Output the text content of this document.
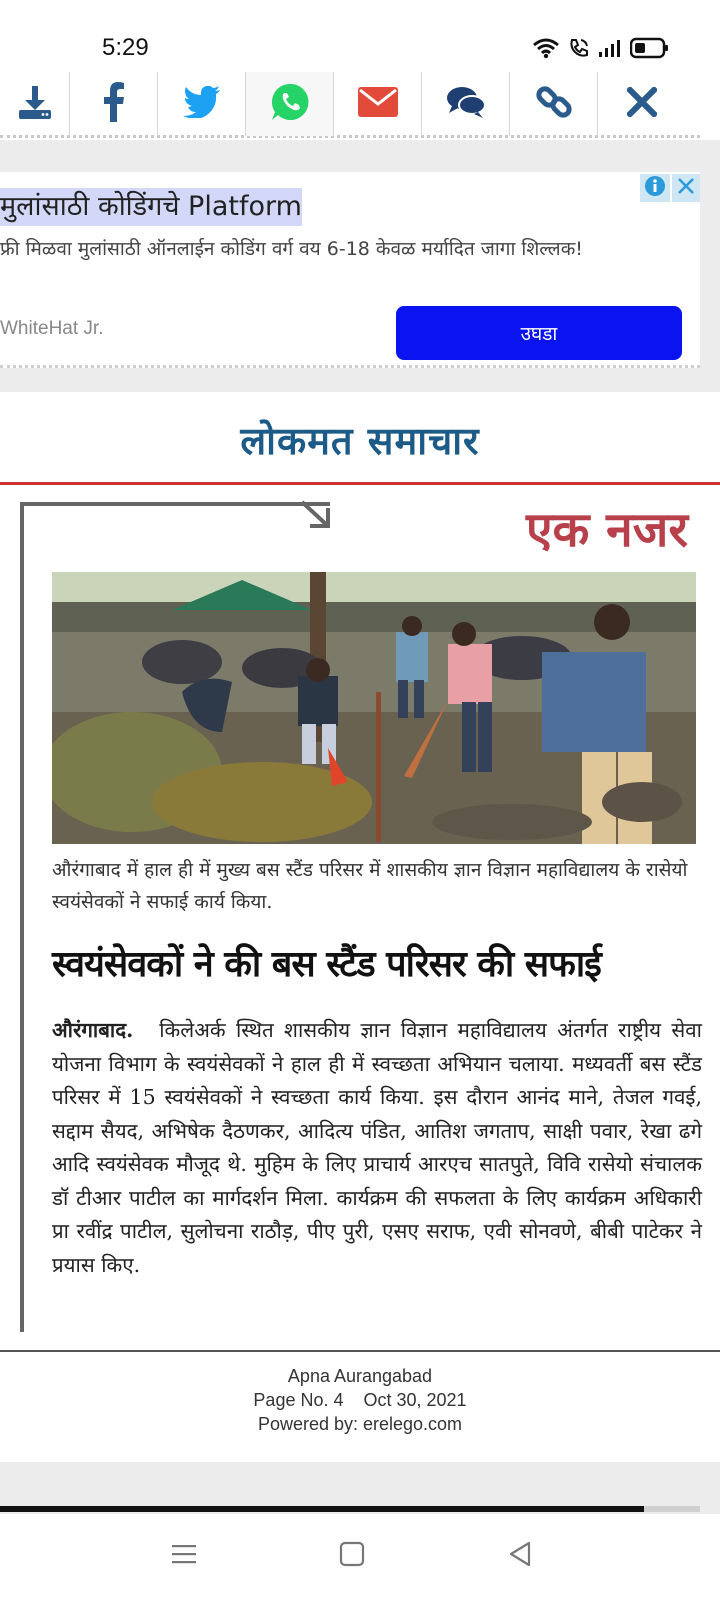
5:29
मुलांसाठी कोडिंगचे Platform
फ्री मिळवा मुलांसाठी ऑनलाईन कोडिंग वर्ग वय 6-18 केवळ मर्यादित जागा शिल्लक!
WhiteHat Jr.	उघडा
लोकमत समाचार
एक नजर
औरंगाबाद में हाल ही में मुख्य बस स्टैंड परिसर में शासकीय ज्ञान विज्ञान महाविद्यालय के रासेयो स्वयंसेवकों ने सफाई कार्य किया.
स्वयंसेवकों ने की बस स्टैंड परिसर की सफाई
औरंगाबाद. किलेअर्क स्थित शासकीय ज्ञान विज्ञान महाविद्यालय अंतर्गत राष्ट्रीय सेवा योजना विभाग के स्वयंसेवकों ने हाल ही में स्वच्छता अभियान चलाया. मध्यवर्ती बस स्टैंड परिसर में 15 स्वयंसेवकों ने स्वच्छता कार्य किया. इस दौरान आनंद माने, तेजल गवई, सद्दाम सैयद, अभिषेक दैठणकर, आदित्य पंडित, आतिश जगताप, साक्षी पवार, रेखा ढगे आदि स्वयंसेवक मौजूद थे. मुहिम के लिए प्राचार्य आरएच सातपुते, विवि रासेयो संचालक डॉ टीआर पाटील का मार्गदर्शन मिला. कार्यक्रम की सफलता के लिए कार्यक्रम अधिकारी प्रा रवींद्र पाटील, सुलोचना राठौड़, पीए पुरी, एसए सराफ, एवी सोनवणे, बीबी पाटेकर ने प्रयास किए.
Apna Aurangabad
Page No. 4    Oct 30, 2021
Powered by: erelego.com
